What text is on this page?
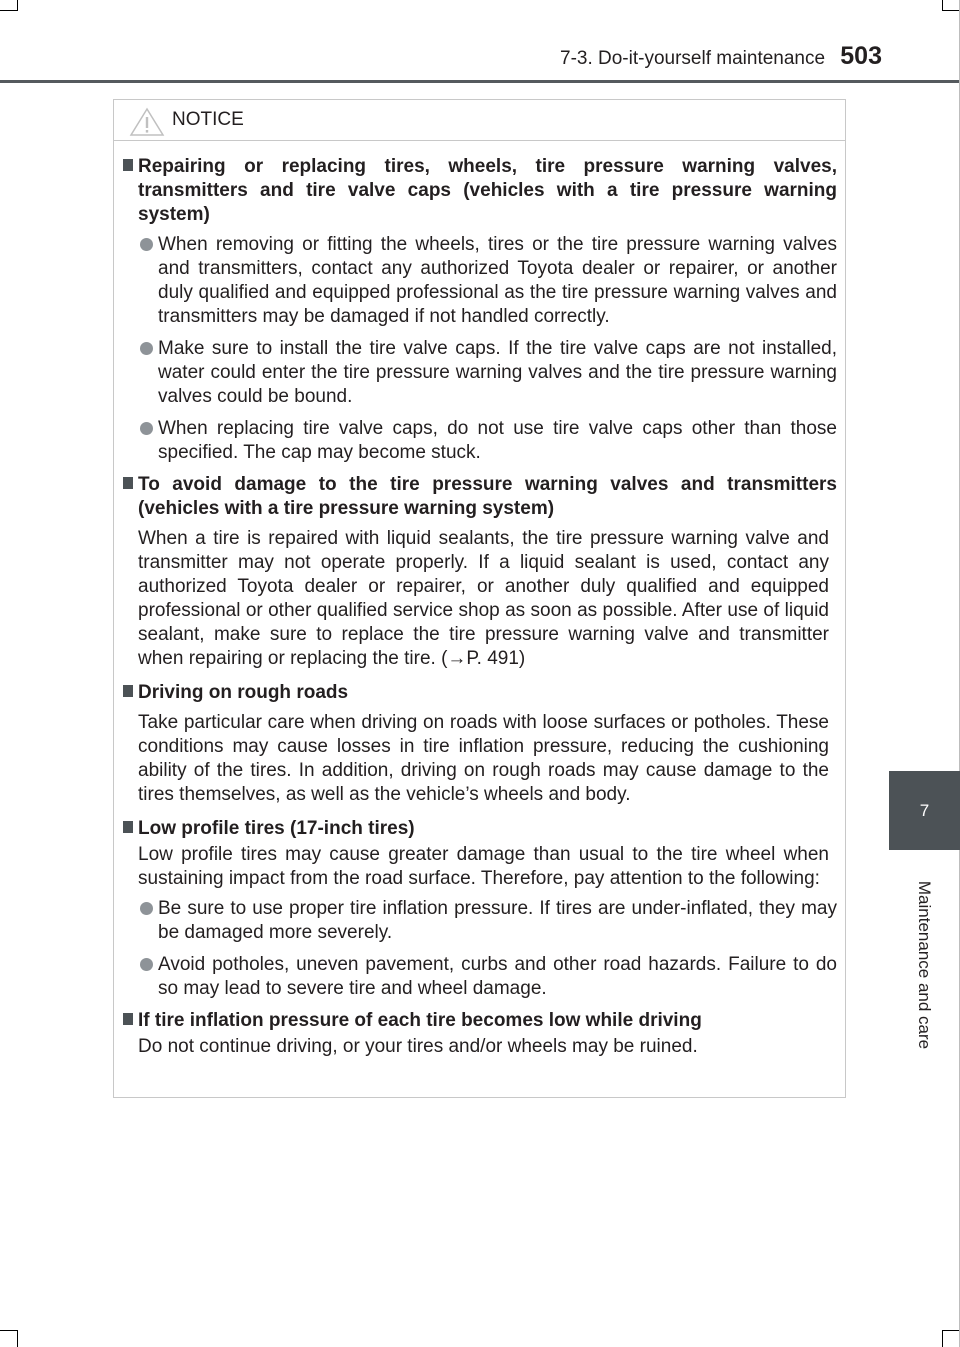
7-3. Do-it-yourself maintenance 503
7
Maintenance and care
NOTICE
Repairing or replacing tires, wheels, tire pressure warning valves, transmitters and tire valve caps (vehicles with a tire pressure warning system)
When removing or fitting the wheels, tires or the tire pressure warning valves and transmitters, contact any authorized Toyota dealer or repairer, or another duly qualified and equipped professional as the tire pressure warning valves and transmitters may be damaged if not handled correctly.
Make sure to install the tire valve caps. If the tire valve caps are not installed, water could enter the tire pressure warning valves and the tire pressure warning valves could be bound.
When replacing tire valve caps, do not use tire valve caps other than those specified. The cap may become stuck.
To avoid damage to the tire pressure warning valves and transmitters (vehicles with a tire pressure warning system)
When a tire is repaired with liquid sealants, the tire pressure warning valve and transmitter may not operate properly. If a liquid sealant is used, contact any authorized Toyota dealer or repairer, or another duly qualified and equipped professional or other qualified service shop as soon as possible. After use of liquid sealant, make sure to replace the tire pressure warning valve and transmitter when repairing or replacing the tire. (→P. 491)
Driving on rough roads
Take particular care when driving on roads with loose surfaces or potholes. These conditions may cause losses in tire inflation pressure, reducing the cushioning ability of the tires. In addition, driving on rough roads may cause damage to the tires themselves, as well as the vehicle’s wheels and body.
Low profile tires (17-inch tires)
Low profile tires may cause greater damage than usual to the tire wheel when sustaining impact from the road surface. Therefore, pay attention to the following:
Be sure to use proper tire inflation pressure. If tires are under-inflated, they may be damaged more severely.
Avoid potholes, uneven pavement, curbs and other road hazards. Failure to do so may lead to severe tire and wheel damage.
If tire inflation pressure of each tire becomes low while driving
Do not continue driving, or your tires and/or wheels may be ruined.
